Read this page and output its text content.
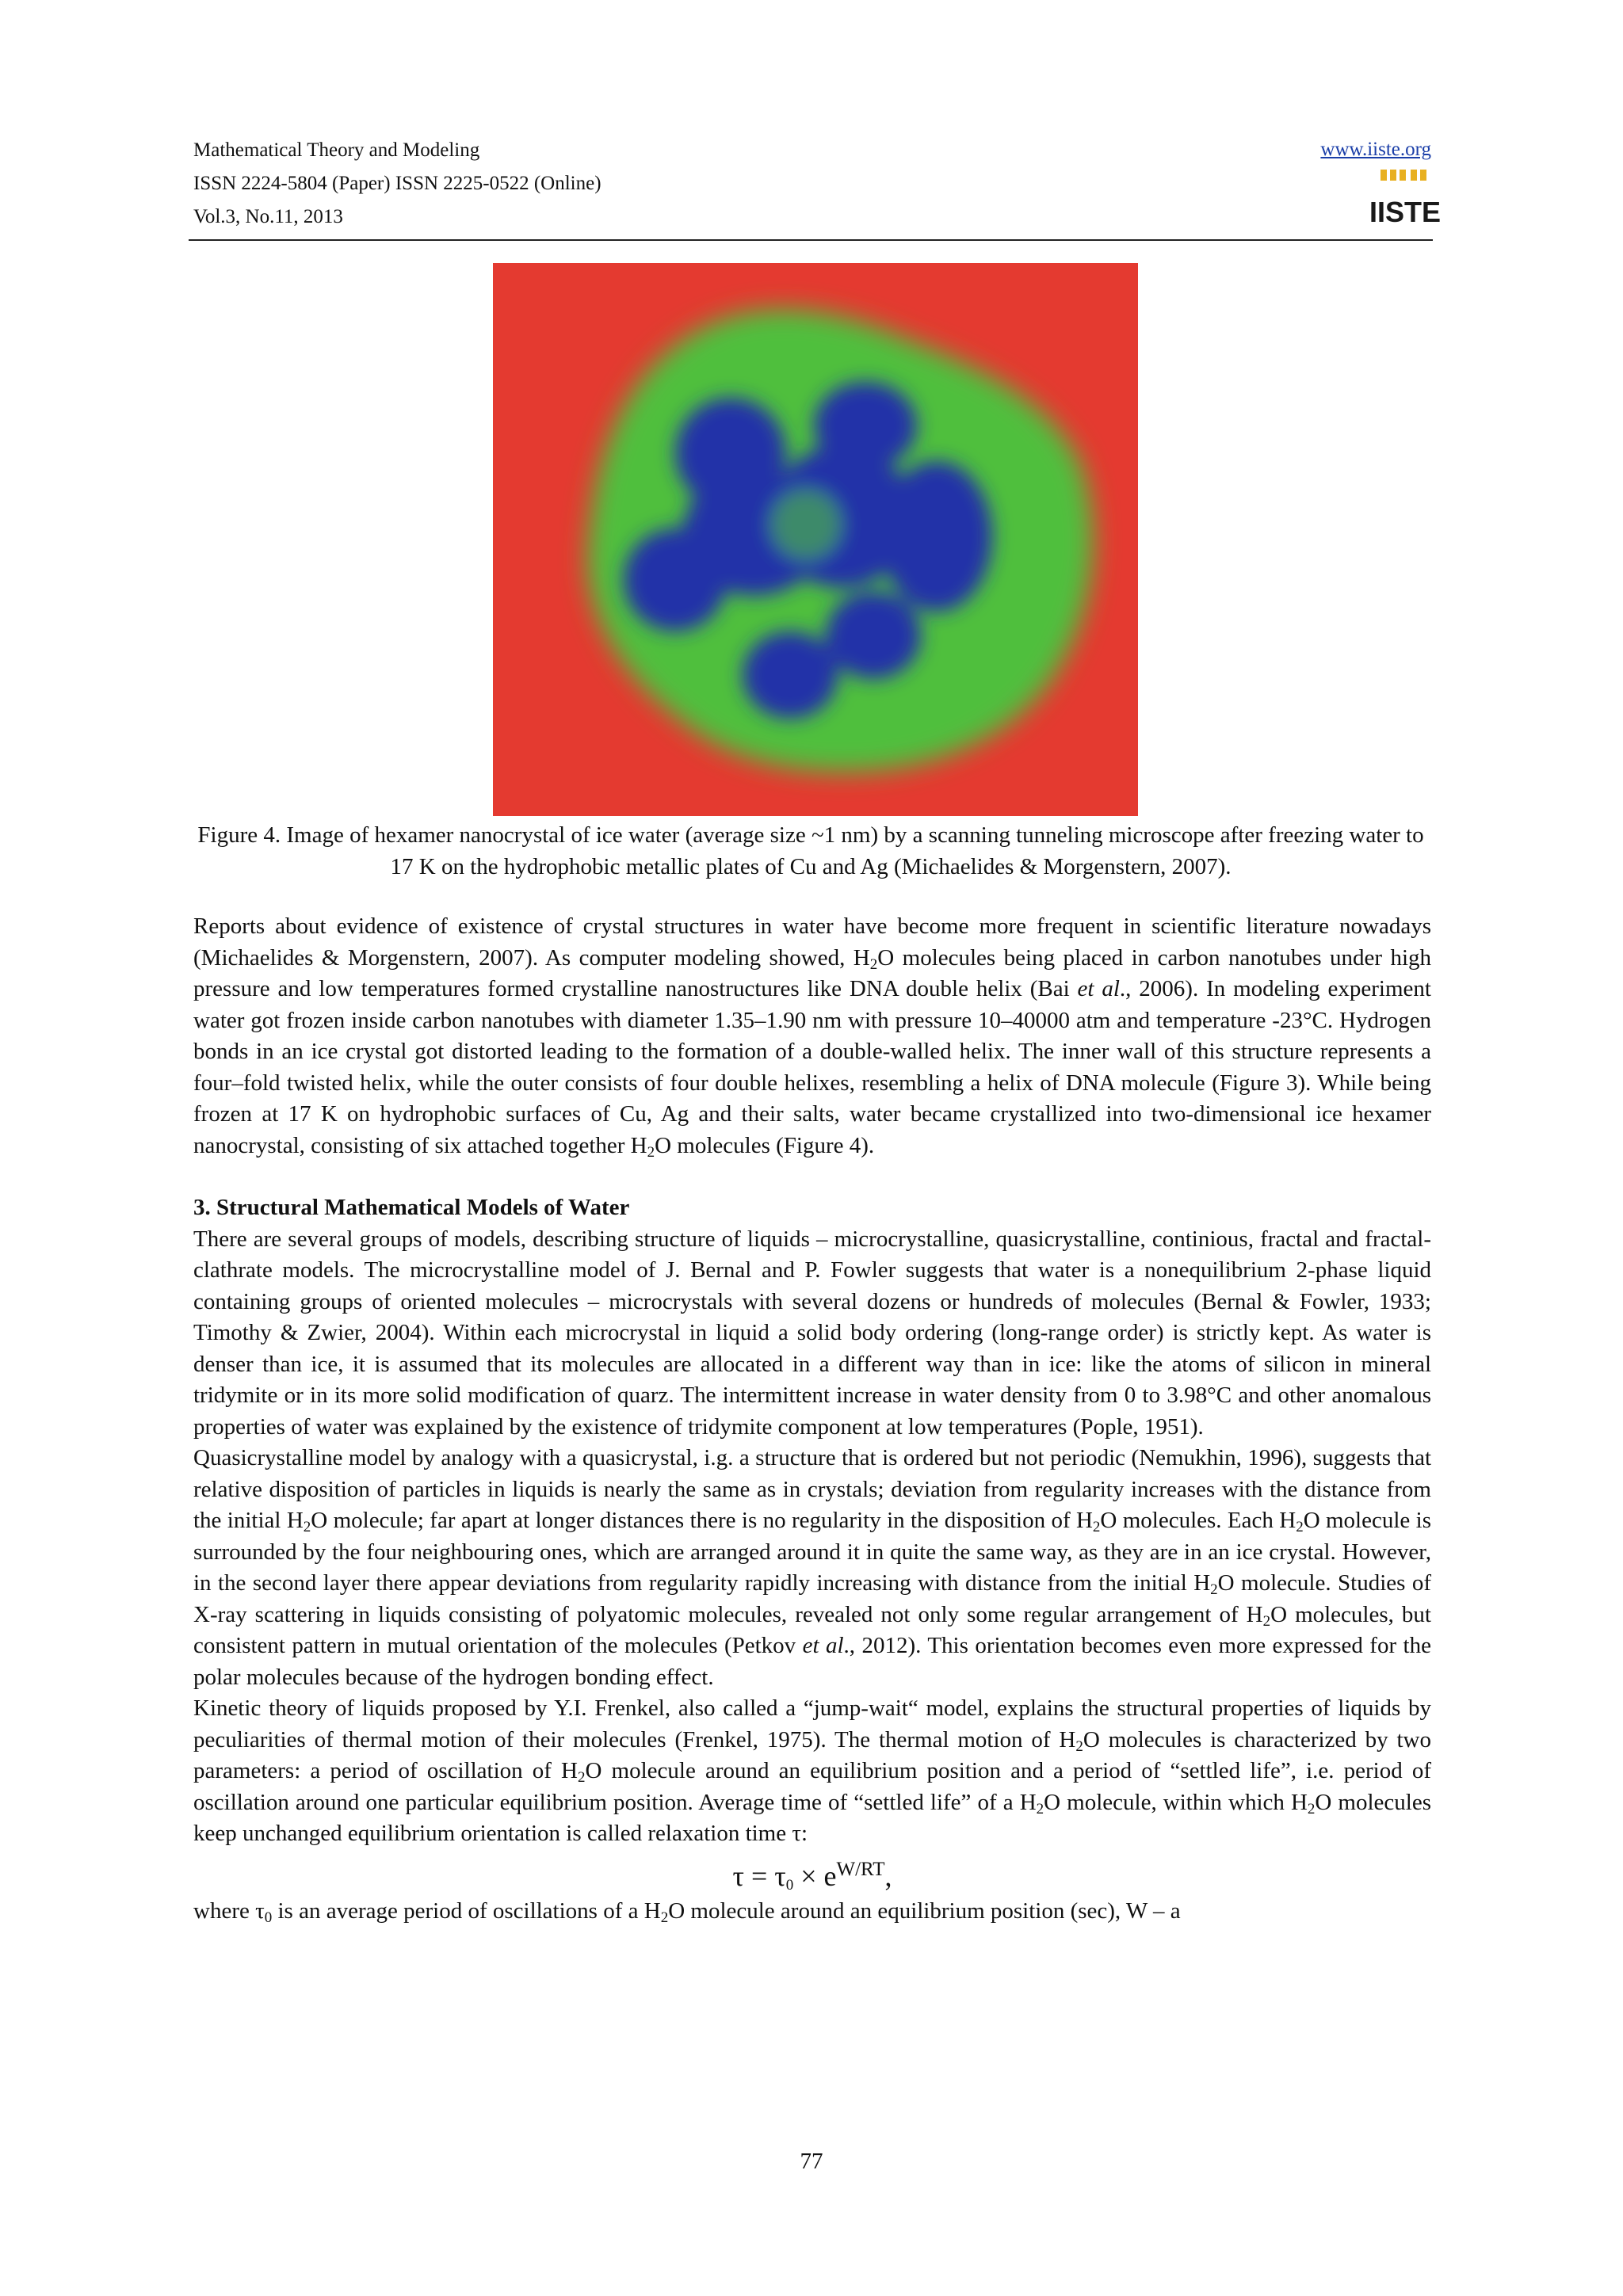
Mathematical Theory and Modeling
ISSN 2224-5804 (Paper) ISSN 2225-0522 (Online)
Vol.3, No.11, 2013
www.iiste.org
IISTE
Figure 4. Image of hexamer nanocrystal of ice water (average size ~1 nm) by a scanning tunneling microscope after freezing water to 17 K on the hydrophobic metallic plates of Cu and Ag (Michaelides & Morgenstern, 2007).

Reports about evidence of existence of crystal structures in water have become more frequent in scientific literature nowadays (Michaelides & Morgenstern, 2007). As computer modeling showed, $H_2O$ molecules being placed in carbon nanotubes under high pressure and low temperatures formed crystalline nanostructures like DNA double helix (Bai et al., 2006). In modeling experiment water got frozen inside carbon nanotubes with diameter 1.35–1.90 nm with pressure 10–40000 atm and temperature -23°C. Hydrogen bonds in an ice crystal got distorted leading to the formation of a double-walled helix. The inner wall of this structure represents a four–fold twisted helix, while the outer consists of four double helixes, resembling a helix of DNA molecule (Figure 3). While being frozen at 17 K on hydrophobic surfaces of Cu, Ag and their salts, water became crystallized into two-dimensional ice hexamer nanocrystal, consisting of six attached together $H_2O$ molecules (Figure 4).

3. Structural Mathematical Models of Water

There are several groups of models, describing structure of liquids – microcrystalline, quasicrystalline, continious, fractal and fractal-clathrate models. The microcrystalline model of J. Bernal and P. Fowler suggests that water is a nonequilibrium 2-phase liquid containing groups of oriented molecules – microcrystals with several dozens or hundreds of molecules (Bernal & Fowler, 1933; Timothy & Zwier, 2004). Within each microcrystal in liquid a solid body ordering (long-range order) is strictly kept. As water is denser than ice, it is assumed that its molecules are allocated in a different way than in ice: like the atoms of silicon in mineral tridymite or in its more solid modification of quarz. The intermittent increase in water density from 0 to 3.98°C and other anomalous properties of water was explained by the existence of tridymite component at low temperatures (Pople, 1951).

Quasicrystalline model by analogy with a quasicrystal, i.g. a structure that is ordered but not periodic (Nemukhin, 1996), suggests that relative disposition of particles in liquids is nearly the same as in crystals; deviation from regularity increases with the distance from the initial $H_2O$ molecule; far apart at longer distances there is no regularity in the disposition of $H_2O$ molecules. Each $H_2O$ molecule is surrounded by the four neighbouring ones, which are arranged around it in quite the same way, as they are in an ice crystal. However, in the second layer there appear deviations from regularity rapidly increasing with distance from the initial $H_2O$ molecule. Studies of X-ray scattering in liquids consisting of polyatomic molecules, revealed not only some regular arrangement of $H_2O$ molecules, but consistent pattern in mutual orientation of the molecules (Petkov et al., 2012). This orientation becomes even more expressed for the polar molecules because of the hydrogen bonding effect.

Kinetic theory of liquids proposed by Y.I. Frenkel, also called a “jump-wait“ model, explains the structural properties of liquids by peculiarities of thermal motion of their molecules (Frenkel, 1975). The thermal motion of $H_2O$ molecules is characterized by two parameters: a period of oscillation of $H_2O$ molecule around an equilibrium position and a period of “settled life”, i.e. period of oscillation around one particular equilibrium position. Average time of “settled life” of a $H_2O$ molecule, within which $H_2O$ molecules keep unchanged equilibrium orientation is called relaxation time τ:

$\tau = \tau_0 \times e^{W/RT}$,

where $\tau_0$ is an average period of oscillations of a $H_2O$ molecule around an equilibrium position (sec), W – a

77
